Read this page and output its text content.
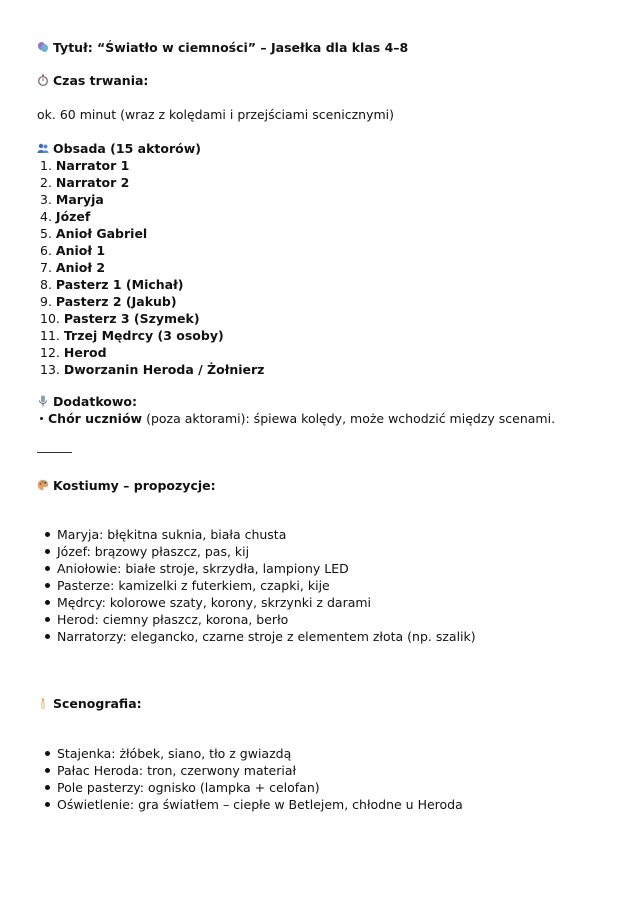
Tytuł: “Światło w ciemności” – Jasełka dla klas 4–8
Czas trwania:
ok. 60 minut (wraz z kolędami i przejściami scenicznymi)
Obsada (15 aktorów)
1. Narrator 1
2. Narrator 2
3. Maryja
4. Józef
5. Anioł Gabriel
6. Anioł 1
7. Anioł 2
8. Pasterz 1 (Michał)
9. Pasterz 2 (Jakub)
10. Pasterz 3 (Szymek)
11. Trzej Mędrcy (3 osoby)
12. Herod
13. Dworzanin Heroda / Żołnierz
Dodatkowo:
Chór uczniów (poza aktorami): śpiewa kolędy, może wchodzić między scenami.
Kostiumy – propozycje:
Maryja: błękitna suknia, biała chusta
Józef: brązowy płaszcz, pas, kij
Aniołowie: białe stroje, skrzydła, lampiony LED
Pasterze: kamizelki z futerkiem, czapki, kije
Mędrcy: kolorowe szaty, korony, skrzynki z darami
Herod: ciemny płaszcz, korona, berło
Narratorzy: elegancko, czarne stroje z elementem złota (np. szalik)
Scenografia:
Stajenka: żłóbek, siano, tło z gwiazdą
Pałac Heroda: tron, czerwony materiał
Pole pasterzy: ognisko (lampka + celofan)
Oświetlenie: gra światłem – ciepłe w Betlejem, chłodne u Heroda
